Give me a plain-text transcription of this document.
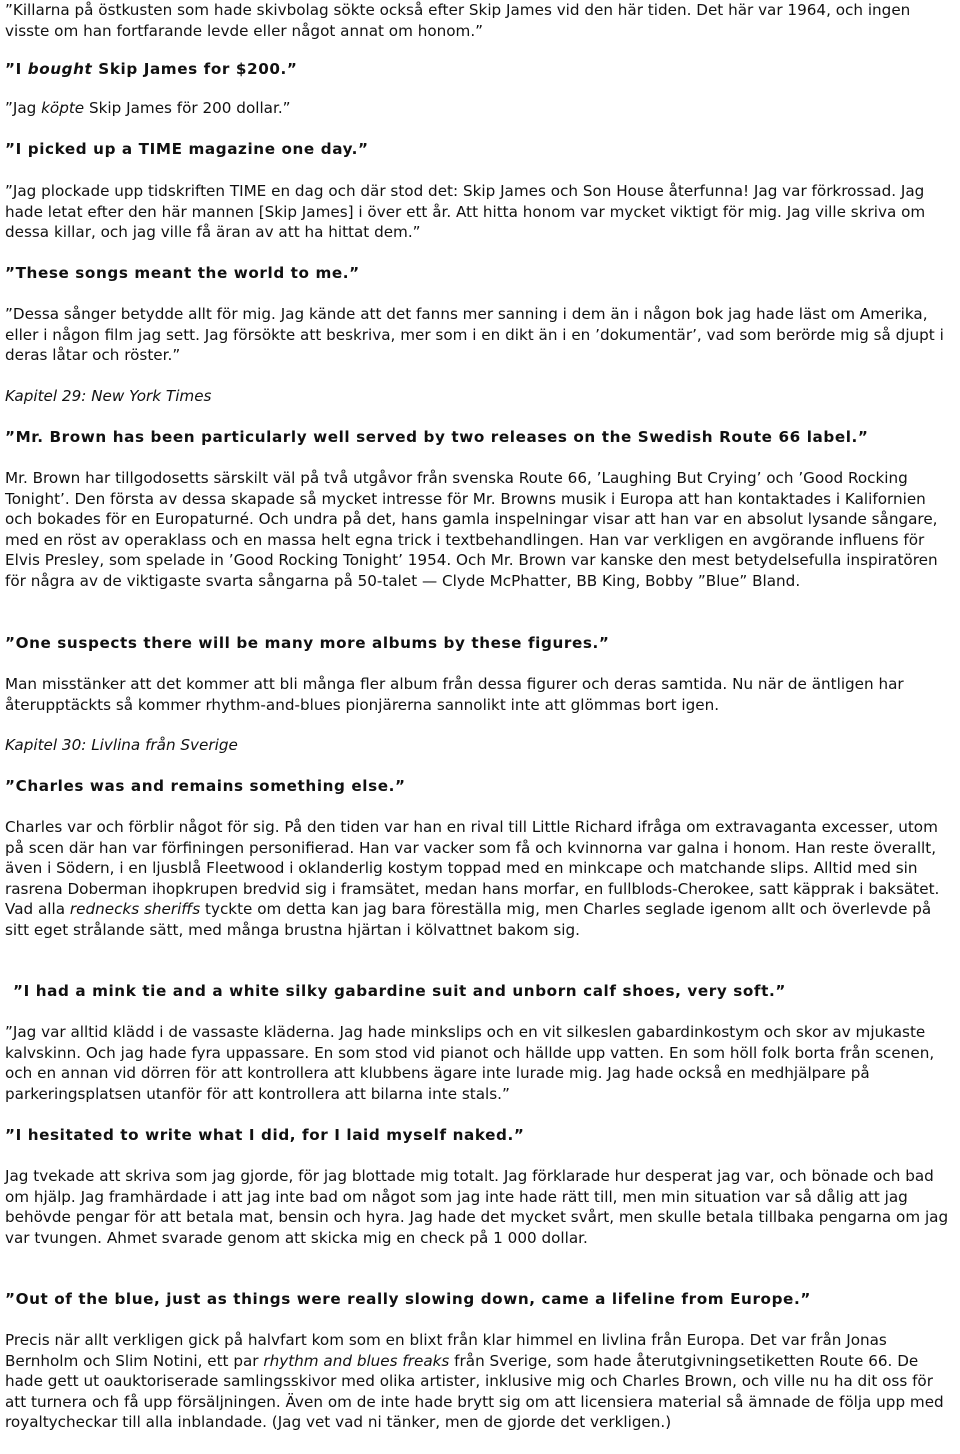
”Killarna på östkusten som hade skivbolag sökte också efter Skip James vid den här tiden. Det här var 1964, och ingen visste om han fortfarande levde eller något annat om honom.”

”I bought Skip James for $200.”

”Jag köpte Skip James för 200 dollar.”

”I picked up a TIME magazine one day.”

”Jag plockade upp tidskriften TIME en dag och där stod det: Skip James och Son House återfunna! Jag var förkrossad. Jag hade letat efter den här mannen [Skip James] i över ett år. Att hitta honom var mycket viktigt för mig. Jag ville skriva om dessa killar, och jag ville få äran av att ha hittat dem.”

”These songs meant the world to me.”

”Dessa sånger betydde allt för mig. Jag kände att det fanns mer sanning i dem än i någon bok jag hade läst om Amerika, eller i någon film jag sett. Jag försökte att beskriva, mer som i en dikt än i en ’dokumentär’, vad som berörde mig så djupt i deras låtar och röster.”

Kapitel 29: New York Times

”Mr. Brown has been particularly well served by two releases on the Swedish Route 66 label.”

Mr. Brown har tillgodosetts särskilt väl på två utgåvor från svenska Route 66, ’Laughing But Crying’ och ’Good Rocking Tonight’. Den första av dessa skapade så mycket intresse för Mr. Browns musik i Europa att han kontaktades i Kalifornien och bokades för en Europaturné. Och undra på det, hans gamla inspelningar visar att han var en absolut lysande sångare, med en röst av operaklass och en massa helt egna trick i textbehandlingen. Han var verkligen en avgörande influens för Elvis Presley, som spelade in ’Good Rocking Tonight’ 1954. Och Mr. Brown var kanske den mest betydelsefulla inspiratören för några av de viktigaste svarta sångarna på 50-talet — Clyde McPhatter, BB King, Bobby ”Blue” Bland.

”One suspects there will be many more albums by these figures.”

Man misstänker att det kommer att bli många fler album från dessa figurer och deras samtida. Nu när de äntligen har återupptäckts så kommer rhythm-and-blues pionjärerna sannolikt inte att glömmas bort igen.

Kapitel 30: Livlina från Sverige

”Charles was and remains something else.”

Charles var och förblir något för sig. På den tiden var han en rival till Little Richard ifråga om extravaganta excesser, utom på scen där han var förfiningen personifierad. Han var vacker som få och kvinnorna var galna i honom. Han reste överallt, även i Södern, i en ljusblå Fleetwood i oklanderlig kostym toppad med en minkcape och matchande slips. Alltid med sin rasrena Doberman ihopkrupen bredvid sig i framsätet, medan hans morfar, en fullblods-Cherokee, satt käpprak i baksätet. Vad alla rednecks sheriffs tyckte om detta kan jag bara föreställa mig, men Charles seglade igenom allt och överlevde på sitt eget strålande sätt, med många brustna hjärtan i kölvattnet bakom sig.

”I had a mink tie and a white silky gabardine suit and unborn calf shoes, very soft.”

”Jag var alltid klädd i de vassaste kläderna. Jag hade minkslips och en vit silkeslen gabardinkostym och skor av mjukaste kalvskinn. Och jag hade fyra uppassare. En som stod vid pianot och hällde upp vatten. En som höll folk borta från scenen, och en annan vid dörren för att kontrollera att klubbens ägare inte lurade mig. Jag hade också en medhjälpare på parkeringsplatsen utanför för att kontrollera att bilarna inte stals.”

”I hesitated to write what I did, for I laid myself naked.”

Jag tvekade att skriva som jag gjorde, för jag blottade mig totalt. Jag förklarade hur desperat jag var, och bönade och bad om hjälp. Jag framhärdade i att jag inte bad om något som jag inte hade rätt till, men min situation var så dålig att jag behövde pengar för att betala mat, bensin och hyra. Jag hade det mycket svårt, men skulle betala tillbaka pengarna om jag var tvungen. Ahmet svarade genom att skicka mig en check på 1 000 dollar.

”Out of the blue, just as things were really slowing down, came a lifeline from Europe.”

Precis när allt verkligen gick på halvfart kom som en blixt från klar himmel en livlina från Europa. Det var från Jonas Bernholm och Slim Notini, ett par rhythm and blues freaks från Sverige, som hade återutgivningsetiketten Route 66. De hade gett ut oauktoriserade samlingsskivor med olika artister, inklusive mig och Charles Brown, och ville nu ha dit oss för att turnera och få upp försäljningen. Även om de inte hade brytt sig om att licensiera material så ämnade de följa upp med royaltycheckar till alla inblandade. (Jag vet vad ni tänker, men de gjorde det verkligen.)
